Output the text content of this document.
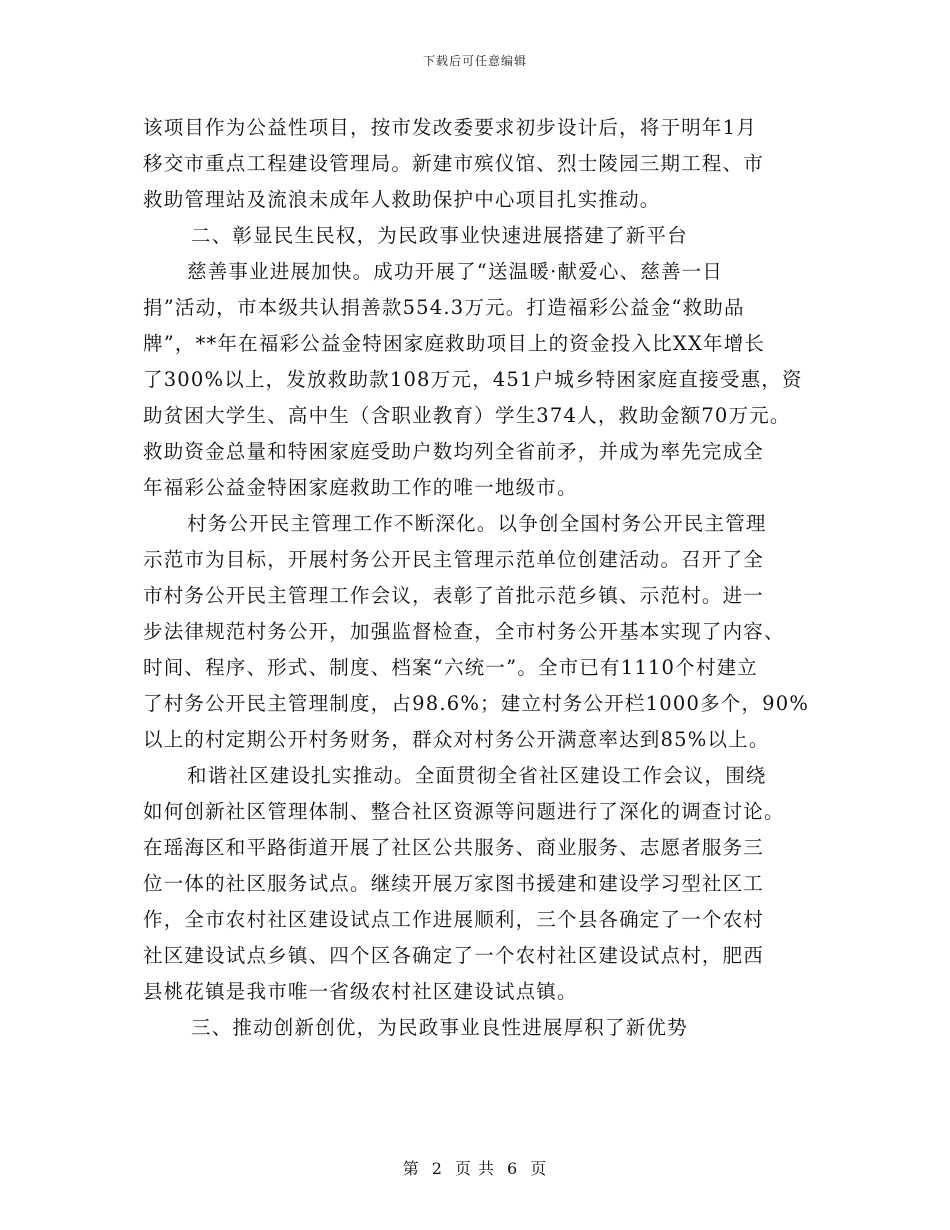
下载后可任意编辑

该项目作为公益性项目，按市发改委要求初步设计后，将于明年1月

移交市重点工程建设管理局。新建市殡仪馆、烈士陵园三期工程、市

救助管理站及流浪未成年人救助保护中心项目扎实推动。

二、彰显民生民权，为民政事业快速进展搭建了新平台

慈善事业进展加快。成功开展了“送温暖·献爱心、慈善一日

捐”活动，市本级共认捐善款554.3万元。打造福彩公益金“救助品

牌”，**年在福彩公益金特困家庭救助项目上的资金投入比XX年增长

了300%以上，发放救助款108万元，451户城乡特困家庭直接受惠，资

助贫困大学生、高中生（含职业教育）学生374人，救助金额70万元。

救助资金总量和特困家庭受助户数均列全省前矛，并成为率先完成全

年福彩公益金特困家庭救助工作的唯一地级市。

村务公开民主管理工作不断深化。以争创全国村务公开民主管理

示范市为目标，开展村务公开民主管理示范单位创建活动。召开了全

市村务公开民主管理工作会议，表彰了首批示范乡镇、示范村。进一

步法律规范村务公开，加强监督检查，全市村务公开基本实现了内容、

时间、程序、形式、制度、档案“六统一”。全市已有1110个村建立

了村务公开民主管理制度，占98.6%；建立村务公开栏1000多个，90%

以上的村定期公开村务财务，群众对村务公开满意率达到85%以上。

和谐社区建设扎实推动。全面贯彻全省社区建设工作会议，围绕

如何创新社区管理体制、整合社区资源等问题进行了深化的调查讨论。

在瑶海区和平路街道开展了社区公共服务、商业服务、志愿者服务三

位一体的社区服务试点。继续开展万家图书援建和建设学习型社区工

作，全市农村社区建设试点工作进展顺利，三个县各确定了一个农村

社区建设试点乡镇、四个区各确定了一个农村社区建设试点村，肥西

县桃花镇是我市唯一省级农村社区建设试点镇。

三、推动创新创优，为民政事业良性进展厚积了新优势

第 2 页 共 6 页
